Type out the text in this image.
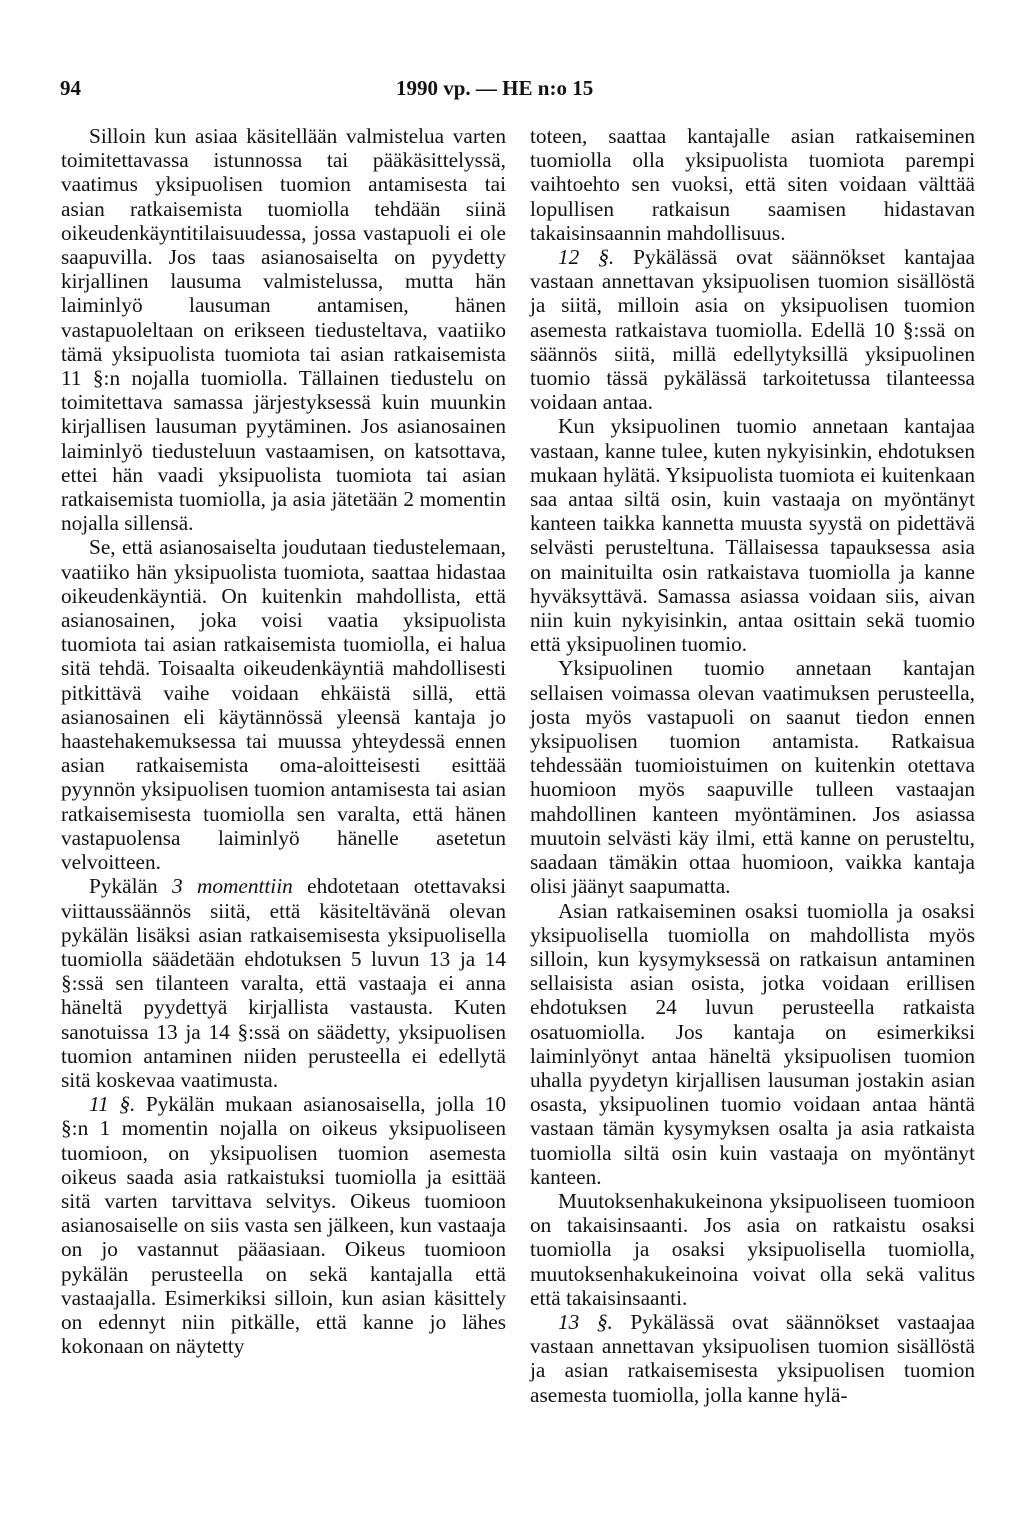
94	1990 vp. — HE n:o 15

Silloin kun asiaa käsitellään valmistelua varten toimitettavassa istunnossa tai pääkäsittelyssä, vaatimus yksipuolisen tuomion antamisesta tai asian ratkaisemista tuomiolla tehdään siinä oikeudenkäyntitilaisuudessa, jossa vastapuoli ei ole saapuvilla. Jos taas asianosaiselta on pyydetty kirjallinen lausuma valmistelussa, mutta hän laiminlyö lausuman antamisen, hänen vastapuoleltaan on erikseen tiedusteltava, vaatiiko tämä yksipuolista tuomiota tai asian ratkaisemista 11 §:n nojalla tuomiolla. Tällainen tiedustelu on toimitettava samassa järjestyksessä kuin muunkin kirjallisen lausuman pyytäminen. Jos asianosainen laiminlyö tiedusteluun vastaamisen, on katsottava, ettei hän vaadi yksipuolista tuomiota tai asian ratkaisemista tuomiolla, ja asia jätetään 2 momentin nojalla sillensä.

Se, että asianosaiselta joudutaan tiedustelemaan, vaatiiko hän yksipuolista tuomiota, saattaa hidastaa oikeudenkäyntiä. On kuitenkin mahdollista, että asianosainen, joka voisi vaatia yksipuolista tuomiota tai asian ratkaisemista tuomiolla, ei halua sitä tehdä. Toisaalta oikeudenkäyntiä mahdollisesti pitkittävä vaihe voidaan ehkäistä sillä, että asianosainen eli käytännössä yleensä kantaja jo haastehakemuksessa tai muussa yhteydessä ennen asian ratkaisemista oma-aloitteisesti esittää pyynnön yksipuolisen tuomion antamisesta tai asian ratkaisemisesta tuomiolla sen varalta, että hänen vastapuolensa laiminlyö hänelle asetetun velvoitteen.

Pykälän 3 momenttiin ehdotetaan otettavaksi viittaussäännös siitä, että käsiteltävänä olevan pykälän lisäksi asian ratkaisemisesta yksipuolisella tuomiolla säädetään ehdotuksen 5 luvun 13 ja 14 §:ssä sen tilanteen varalta, että vastaaja ei anna häneltä pyydettyä kirjallista vastausta. Kuten sanotuissa 13 ja 14 §:ssä on säädetty, yksipuolisen tuomion antaminen niiden perusteella ei edellytä sitä koskevaa vaatimusta.

11 §. Pykälän mukaan asianosaisella, jolla 10 §:n 1 momentin nojalla on oikeus yksipuoliseen tuomioon, on yksipuolisen tuomion asemesta oikeus saada asia ratkaistuksi tuomiolla ja esittää sitä varten tarvittava selvitys. Oikeus tuomioon asianosaiselle on siis vasta sen jälkeen, kun vastaaja on jo vastannut pääasiaan. Oikeus tuomioon pykälän perusteella on sekä kantajalla että vastaajalla. Esimerkiksi silloin, kun asian käsittely on edennyt niin pitkälle, että kanne jo lähes kokonaan on näytetty

toteen, saattaa kantajalle asian ratkaiseminen tuomiolla olla yksipuolista tuomiota parempi vaihtoehto sen vuoksi, että siten voidaan välttää lopullisen ratkaisun saamisen hidastavan takaisinsaannin mahdollisuus.

12 §. Pykälässä ovat säännökset kantajaa vastaan annettavan yksipuolisen tuomion sisällöstä ja siitä, milloin asia on yksipuolisen tuomion asemesta ratkaistava tuomiolla. Edellä 10 §:ssä on säännös siitä, millä edellytyksillä yksipuolinen tuomio tässä pykälässä tarkoitetussa tilanteessa voidaan antaa.

Kun yksipuolinen tuomio annetaan kantajaa vastaan, kanne tulee, kuten nykyisinkin, ehdotuksen mukaan hylätä. Yksipuolista tuomiota ei kuitenkaan saa antaa siltä osin, kuin vastaaja on myöntänyt kanteen taikka kannetta muusta syystä on pidettävä selvästi perusteltuna. Tällaisessa tapauksessa asia on mainituilta osin ratkaistava tuomiolla ja kanne hyväksyttävä. Samassa asiassa voidaan siis, aivan niin kuin nykyisinkin, antaa osittain sekä tuomio että yksipuolinen tuomio.

Yksipuolinen tuomio annetaan kantajan sellaisen voimassa olevan vaatimuksen perusteella, josta myös vastapuoli on saanut tiedon ennen yksipuolisen tuomion antamista. Ratkaisua tehdessään tuomioistuimen on kuitenkin otettava huomioon myös saapuville tulleen vastaajan mahdollinen kanteen myöntäminen. Jos asiassa muutoin selvästi käy ilmi, että kanne on perusteltu, saadaan tämäkin ottaa huomioon, vaikka kantaja olisi jäänyt saapumatta.

Asian ratkaiseminen osaksi tuomiolla ja osaksi yksipuolisella tuomiolla on mahdollista myös silloin, kun kysymyksessä on ratkaisun antaminen sellaisista asian osista, jotka voidaan erillisen ehdotuksen 24 luvun perusteella ratkaista osatuomiolla. Jos kantaja on esimerkiksi laiminlyönyt antaa häneltä yksipuolisen tuomion uhalla pyydetyn kirjallisen lausuman jostakin asian osasta, yksipuolinen tuomio voidaan antaa häntä vastaan tämän kysymyksen osalta ja asia ratkaista tuomiolla siltä osin kuin vastaaja on myöntänyt kanteen.

Muutoksenhakukeinona yksipuoliseen tuomioon on takaisinsaanti. Jos asia on ratkaistu osaksi tuomiolla ja osaksi yksipuolisella tuomiolla, muutoksenhakukeinoina voivat olla sekä valitus että takaisinsaanti.

13 §. Pykälässä ovat säännökset vastaajaa vastaan annettavan yksipuolisen tuomion sisällöstä ja asian ratkaisemisesta yksipuolisen tuomion asemesta tuomiolla, jolla kanne hylä-
